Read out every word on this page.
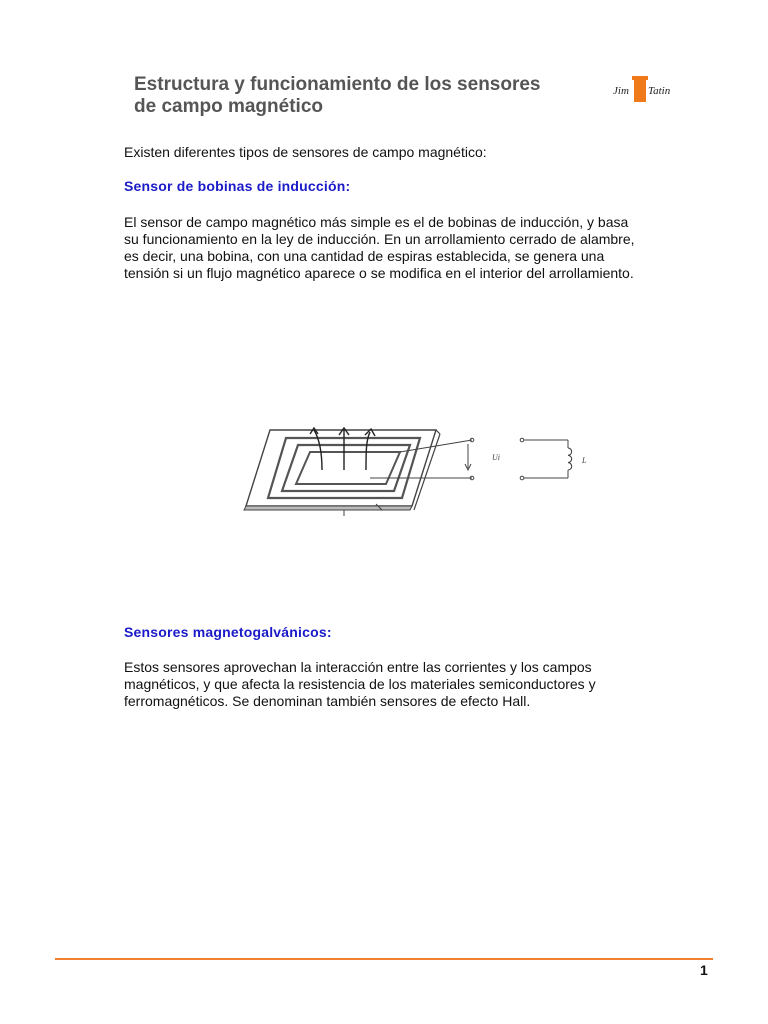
Estructura y funcionamiento de los sensores
de campo magnético
Jim Tatin

Existen diferentes tipos de sensores de campo magnético:

Sensor de bobinas de inducción:

El sensor de campo magnético más simple es el de bobinas de inducción, y basa
su funcionamiento en la ley de inducción. En un arrollamiento cerrado de alambre,
es decir, una bobina, con una cantidad de espiras establecida, se genera una
tensión si un flujo magnético aparece o se modifica en el interior del arrollamiento.

Ui	L
Sensores magnetogalvánicos:

Estos sensores aprovechan la interacción entre las corrientes y los campos
magnéticos, y que afecta la resistencia de los materiales semiconductores y
ferromagnéticos. Se denominan también sensores de efecto Hall.

1
